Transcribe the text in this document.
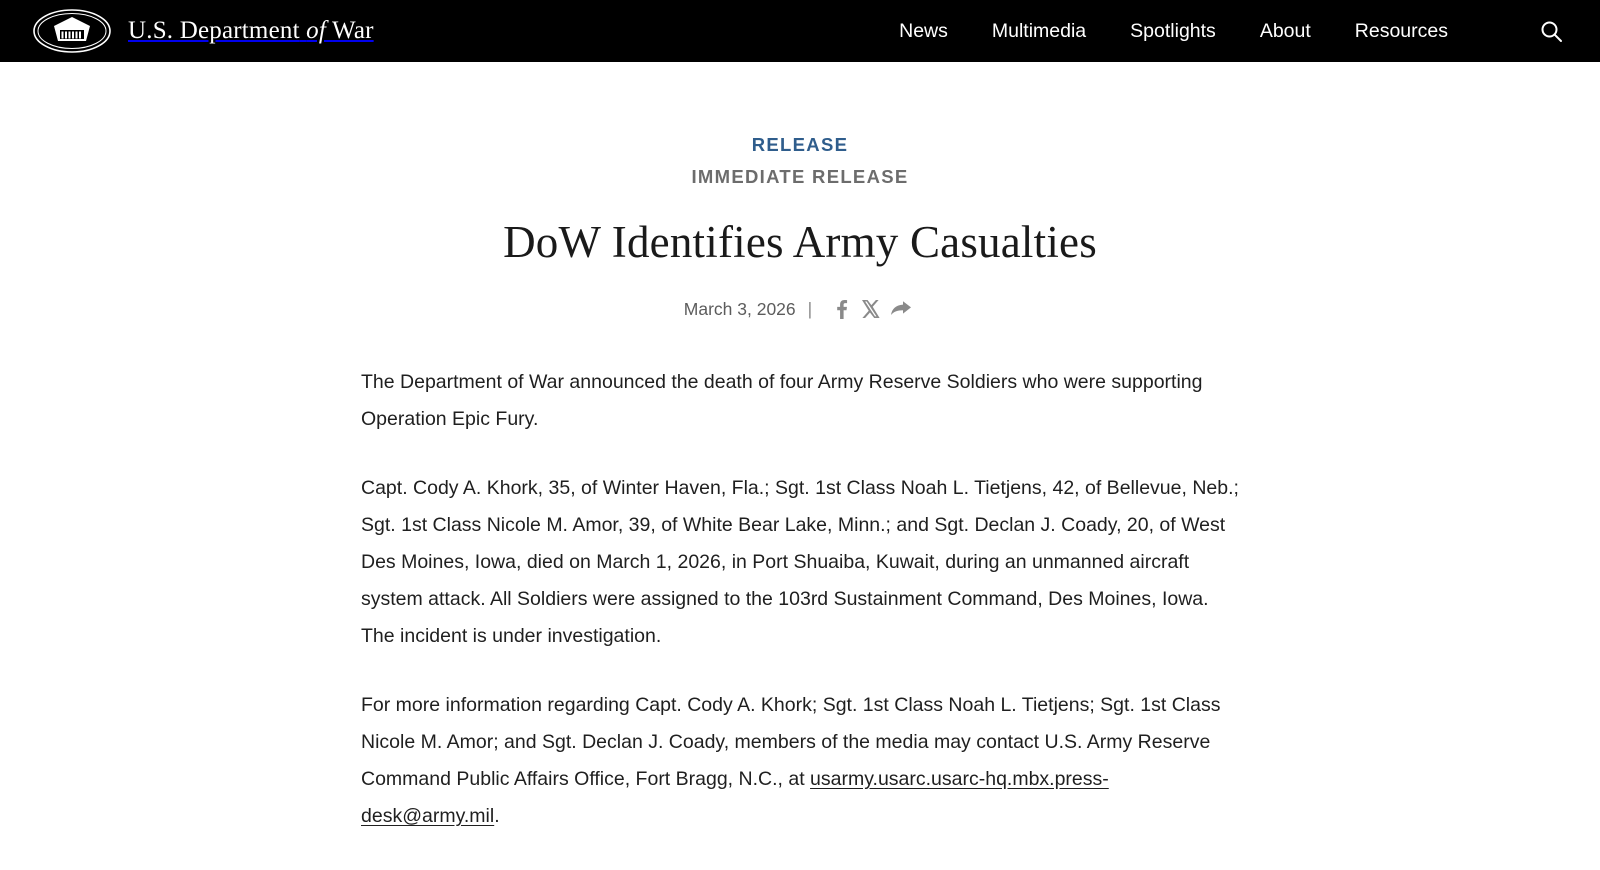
U.S. Department of War	News Multimedia Spotlights About Resources
RELEASE
IMMEDIATE RELEASE
DoW Identifies Army Casualties
March 3, 2026 |

The Department of War announced the death of four Army Reserve Soldiers who were supporting Operation Epic Fury.

Capt. Cody A. Khork, 35, of Winter Haven, Fla.; Sgt. 1st Class Noah L. Tietjens, 42, of Bellevue, Neb.; Sgt. 1st Class Nicole M. Amor, 39, of White Bear Lake, Minn.; and Sgt. Declan J. Coady, 20, of West Des Moines, Iowa, died on March 1, 2026, in Port Shuaiba, Kuwait, during an unmanned aircraft system attack. All Soldiers were assigned to the 103rd Sustainment Command, Des Moines, Iowa. The incident is under investigation.

For more information regarding Capt. Cody A. Khork; Sgt. 1st Class Noah L. Tietjens; Sgt. 1st Class Nicole M. Amor; and Sgt. Declan J. Coady, members of the media may contact U.S. Army Reserve Command Public Affairs Office, Fort Bragg, N.C., at usarmy.usarc.usarc-hq.mbx.press-desk@army.mil.
